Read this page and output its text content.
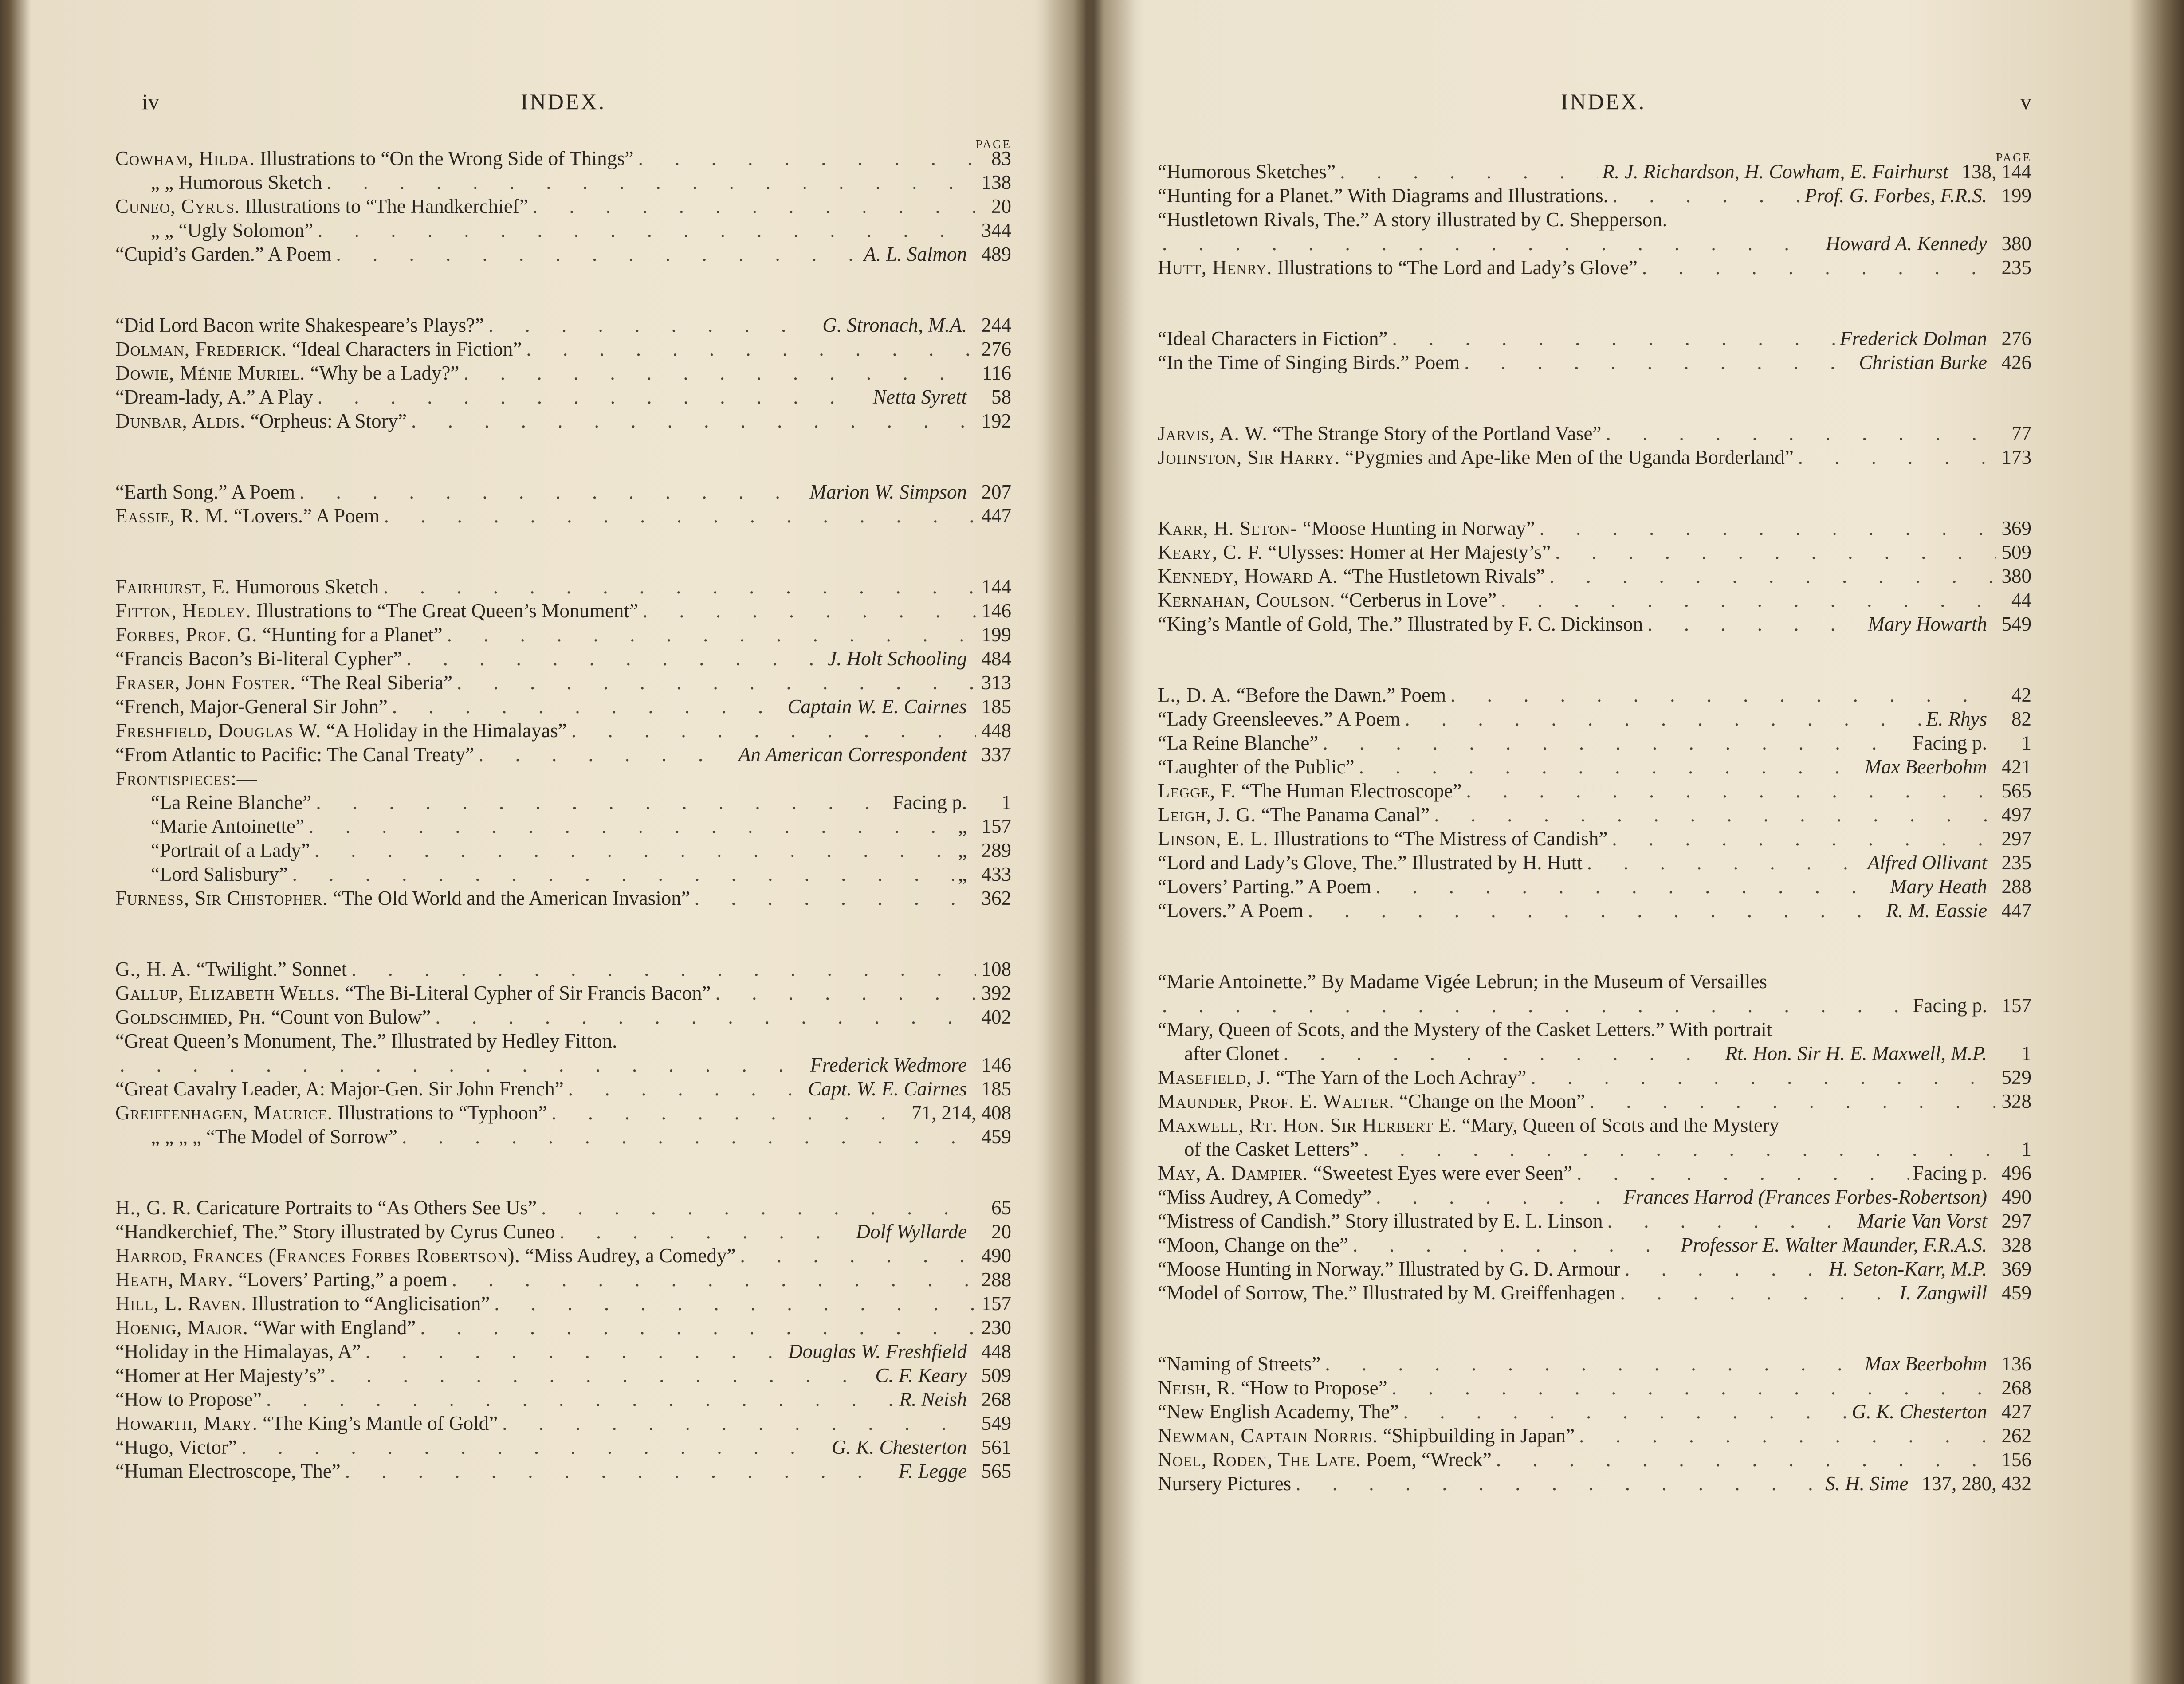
iv	INDEX.
PAGE
Cowham, Hilda. Illustrations to “On the Wrong Side of Things” . . .	83
„ „ Humorous Sketch . . .	138
Cuneo, Cyrus. Illustrations to “The Handkerchief” . . .	20
„ „ “Ugly Solomon” . . .	344
“Cupid’s Garden.” A Poem . . .	A. L. Salmon 489
“Did Lord Bacon write Shakespeare’s Plays?” . . .	G. Stronach, M.A. 244
Dolman, Frederick. “Ideal Characters in Fiction” . . .	276
Dowie, Ménie Muriel. “Why be a Lady?” . . .	116
“Dream-lady, A.” A Play . . .	Netta Syrett	58
Dunbar, Aldis. “Orpheus: A Story” . . .	192
“Earth Song.” A Poem . . .	Marion W. Simpson 207
Eassie, R. M. “Lovers.” A Poem . . .	447
Fairhurst, E. Humorous Sketch . . .	144
Fitton, Hedley. Illustrations to “The Great Queen’s Monument” . . .	146
Forbes, Prof. G. “Hunting for a Planet” . . .	199
“Francis Bacon’s Bi-literal Cypher” . . .	J. Holt Schooling 484
Fraser, John Foster. “The Real Siberia” . . .	313
“French, Major-General Sir John” . . .	Captain W. E. Cairnes 185
Freshfield, Douglas W. “A Holiday in the Himalayas” . . .	448
“From Atlantic to Pacific: The Canal Treaty” . . .	An American Correspondent 337
Frontispieces:—
“La Reine Blanche” . . .	Facing p.	1
“Marie Antoinette” . . .	„ 157
“Portrait of a Lady” . . .	„ 289
“Lord Salisbury” . . .	„ 433
Furness, Sir Chistopher. “The Old World and the American Invasion” . . .	362
G., H. A. “Twilight.” Sonnet . . .	108
Gallup, Elizabeth Wells. “The Bi-Literal Cypher of Sir Francis Bacon” . . .	392
Goldschmied, Ph. “Count von Bulow” . . .	402
“Great Queen’s Monument, The.” Illustrated by Hedley Fitton.
. . .
Frederick Wedmore 146
“Great Cavalry Leader, A: Major-Gen. Sir John French” . . .	Capt. W. E. Cairnes 185
Greiffenhagen, Maurice. Illustrations to “Typhoon” . . .	71, 214, 408
„ „ „ „ “The Model of Sorrow” . . .	459
H., G. R. Caricature Portraits to “As Others See Us” . . .	65
“Handkerchief, The.” Story illustrated by Cyrus Cuneo . . .	Dolf Wyllarde	20
Harrod, Frances (Frances Forbes Robertson). “Miss Audrey, a Comedy” . . .	490
Heath, Mary. “Lovers’ Parting,” a poem . . .	288
Hill, L. Raven. Illustration to “Anglicisation” . . .	157
Hoenig, Major. “War with England” . . .	230
“Holiday in the Himalayas, A” . . .	Douglas W. Freshfield 448
“Homer at Her Majesty’s” . . .	C. F. Keary 509
“How to Propose” . . .	R. Neish 268
Howarth, Mary. “The King’s Mantle of Gold” . . .	549
“Hugo, Victor” . . .	G. K. Chesterton 561
“Human Electroscope, The” . . .	F. Legge 565
v
INDEX.
PAGE
“Humorous Sketches” . . .	R. J. Richardson, H. Cowham, E. Fairhurst 138, 144
“Hunting for a Planet.” With Diagrams and Illustrations. . . .	Prof. G. Forbes, F.R.S. 199
“Hustletown Rivals, The.” A story illustrated by C. Shepperson.
. . .
Howard A. Kennedy 380
Hutt, Henry. Illustrations to “The Lord and Lady’s Glove” . . .	235
“Ideal Characters in Fiction” . . .	Frederick Dolman 276
“In the Time of Singing Birds.” Poem . . .	Christian Burke 426
Jarvis, A. W. “The Strange Story of the Portland Vase” . . .	77
Johnston, Sir Harry. “Pygmies and Ape-like Men of the Uganda Borderland” . . .	173
Karr, H. Seton- “Moose Hunting in Norway” . . .	369
Keary, C. F. “Ulysses: Homer at Her Majesty’s” . . .	509
Kennedy, Howard A. “The Hustletown Rivals” . . .	380
Kernahan, Coulson. “Cerberus in Love” . . .	44
“King’s Mantle of Gold, The.” Illustrated by F. C. Dickinson . . .	Mary Howarth 549
L., D. A. “Before the Dawn.” Poem . . .	42
“Lady Greensleeves.” A Poem . . .	E. Rhys	82
“La Reine Blanche” . . .	Facing p.	1
“Laughter of the Public” . . .	Max Beerbohm 421
Legge, F. “The Human Electroscope” . . .	565
Leigh, J. G. “The Panama Canal” . . .	497
Linson, E. L. Illustrations to “The Mistress of Candish” . . .	297
“Lord and Lady’s Glove, The.” Illustrated by H. Hutt . . .	Alfred Ollivant 235
“Lovers’ Parting.” A Poem . . .	Mary Heath 288
“Lovers.” A Poem . . .	R. M. Eassie 447
“Marie Antoinette.” By Madame Vigée Lebrun; in the Museum of Versailles
. . .
Facing p. 157
“Mary, Queen of Scots, and the Mystery of the Casket Letters.” With portrait
after Clonet . . .	Rt. Hon. Sir H. E. Maxwell, M.P.	1
Masefield, J. “The Yarn of the Loch Achray” . . .	529
Maunder, Prof. E. Walter. “Change on the Moon” . . .	328
Maxwell, Rt. Hon. Sir Herbert E. “Mary, Queen of Scots and the Mystery
of the Casket Letters” . . .	1
May, A. Dampier. “Sweetest Eyes were ever Seen” . . .	Facing p. 496
“Miss Audrey, A Comedy” . . .	Frances Harrod (Frances Forbes-Robertson) 490
“Mistress of Candish.” Story illustrated by E. L. Linson . . .	Marie Van Vorst 297
“Moon, Change on the” . . .	Professor E. Walter Maunder, F.R.A.S. 328
“Moose Hunting in Norway.” Illustrated by G. D. Armour . . .	H. Seton-Karr, M.P. 369
“Model of Sorrow, The.” Illustrated by M. Greiffenhagen . . .	I. Zangwill 459
“Naming of Streets” . . .	Max Beerbohm 136
Neish, R. “How to Propose” . . .	268
“New English Academy, The” . . .	G. K. Chesterton 427
Newman, Captain Norris. “Shipbuilding in Japan” . . .	262
Noel, Roden, The Late. Poem, “Wreck” . . .	156
Nursery Pictures . . .	S. H. Sime 137, 280, 432
